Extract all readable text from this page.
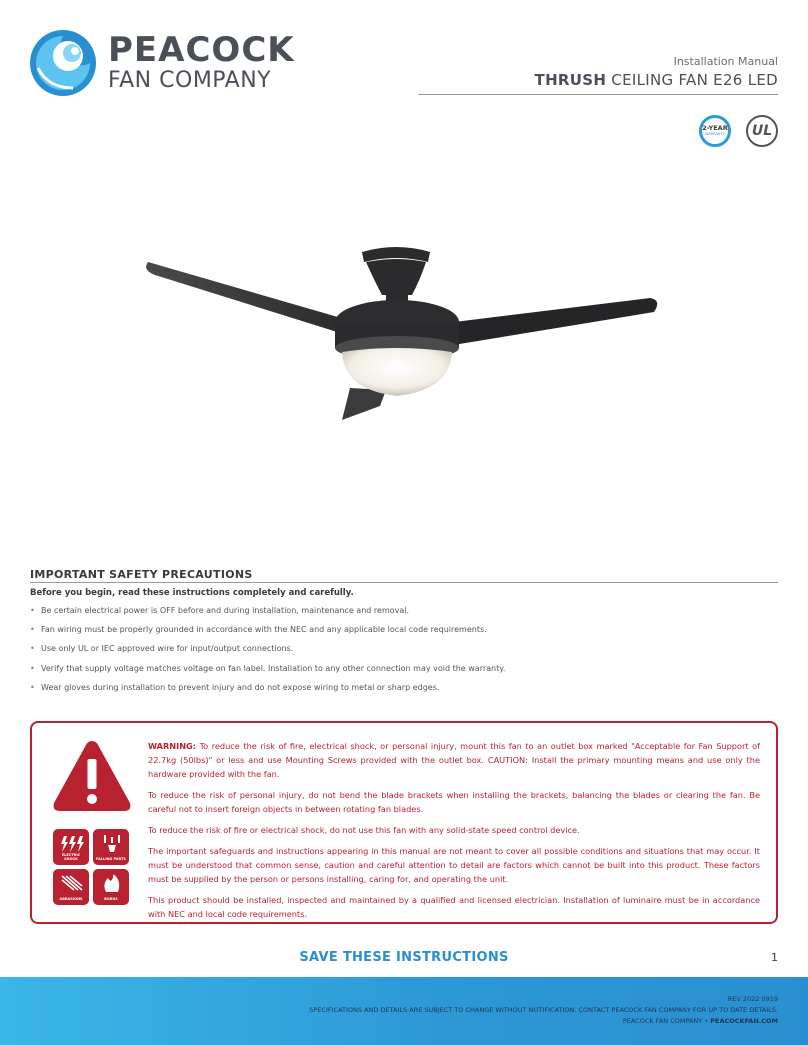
PEACOCK
FAN COMPANY
Installation Manual
THRUSH CEILING FAN E26 LED
2-YEAR
WARRANTY	UL
IMPORTANT SAFETY PRECAUTIONS
Before you begin, read these instructions completely and carefully.
• Be certain electrical power is OFF before and during installation, maintenance and removal.
• Fan wiring must be properly grounded in accordance with the NEC and any applicable local code requirements.
• Use only UL or IEC approved wire for input/output connections.
• Verify that supply voltage matches voltage on fan label. Installation to any other connection may void the warranty.
• Wear gloves during installation to prevent injury and do not expose wiring to metal or sharp edges.
ELECTRIC SHOCK	FALLING PARTS
ABRASIONS	BURNS

WARNING: To reduce the risk of fire, electrical shock, or personal injury, mount this fan to an outlet box marked "Acceptable for Fan Support of 22.7kg (50lbs)" or less and use Mounting Screws provided with the outlet box. CAUTION: Install the primary mounting means and use only the hardware provided with the fan.

To reduce the risk of personal injury, do not bend the blade brackets when installing the brackets, balancing the blades or clearing the fan. Be careful not to insert foreign objects in between rotating fan blades.

To reduce the risk of fire or electrical shock, do not use this fan with any solid-state speed control device.

The important safeguards and instructions appearing in this manual are not meant to cover all possible conditions and situations that may occur. It must be understood that common sense, caution and careful attention to detail are factors which cannot be built into this product. These factors must be supplied by the person or persons installing, caring for, and operating the unit.

This product should be installed, inspected and maintained by a qualified and licensed electrician. Installation of luminaire must be in accordance with NEC and local code requirements.

SAVE THESE INSTRUCTIONS	1
REV 2022 0919
SPECIFICATIONS AND DETAILS ARE SUBJECT TO CHANGE WITHOUT NOTIFICATION. CONTACT PEACOCK FAN COMPANY FOR UP TO DATE DETAILS.
PEACOCK FAN COMPANY • PEACOCKFAN.COM
